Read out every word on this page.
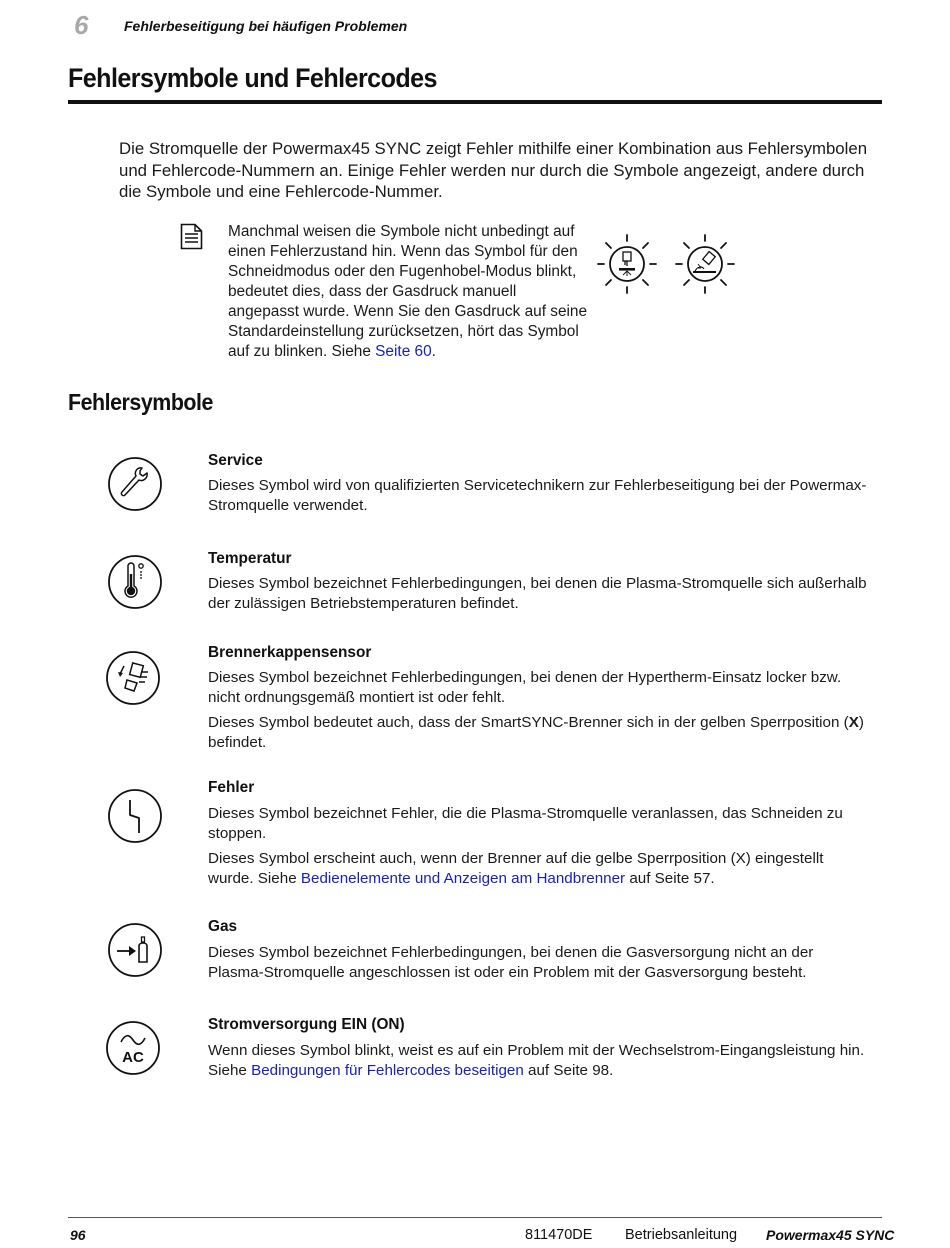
6	Fehlerbeseitigung bei häufigen Problemen
Fehlersymbole und Fehlercodes
Die Stromquelle der Powermax45 SYNC zeigt Fehler mithilfe einer Kombination aus Fehlersymbolen und Fehlercode-Nummern an. Einige Fehler werden nur durch die Symbole angezeigt, andere durch die Symbole und eine Fehlercode-Nummer.
Manchmal weisen die Symbole nicht unbedingt auf einen Fehlerzustand hin. Wenn das Symbol für den Schneidmodus oder den Fugenhobel-Modus blinkt, bedeutet dies, dass der Gasdruck manuell angepasst wurde. Wenn Sie den Gasdruck auf seine Standardeinstellung zurücksetzen, hört das Symbol auf zu blinken. Siehe Seite 60.
Fehlersymbole
Service

Dieses Symbol wird von qualifizierten Servicetechnikern zur Fehlerbeseitigung bei der Powermax-Stromquelle verwendet.

Temperatur

Dieses Symbol bezeichnet Fehlerbedingungen, bei denen die Plasma-Stromquelle sich außerhalb der zulässigen Betriebstemperaturen befindet.

Brennerkappensensor

Dieses Symbol bezeichnet Fehlerbedingungen, bei denen der Hypertherm-Einsatz locker bzw. nicht ordnungsgemäß montiert ist oder fehlt.

Dieses Symbol bedeutet auch, dass der SmartSYNC-Brenner sich in der gelben Sperrposition (X) befindet.

Fehler

Dieses Symbol bezeichnet Fehler, die die Plasma-Stromquelle veranlassen, das Schneiden zu stoppen.

Dieses Symbol erscheint auch, wenn der Brenner auf die gelbe Sperrposition (X) eingestellt wurde. Siehe Bedienelemente und Anzeigen am Handbrenner auf Seite 57.

Gas

Dieses Symbol bezeichnet Fehlerbedingungen, bei denen die Gasversorgung nicht an der Plasma-Stromquelle angeschlossen ist oder ein Problem mit der Gasversorgung besteht.

AC
Stromversorgung EIN (ON)

Wenn dieses Symbol blinkt, weist es auf ein Problem mit der Wechselstrom-Eingangsleistung hin. Siehe Bedingungen für Fehlercodes beseitigen auf Seite 98.

96	811470DE Betriebsanleitung Powermax45 SYNC
